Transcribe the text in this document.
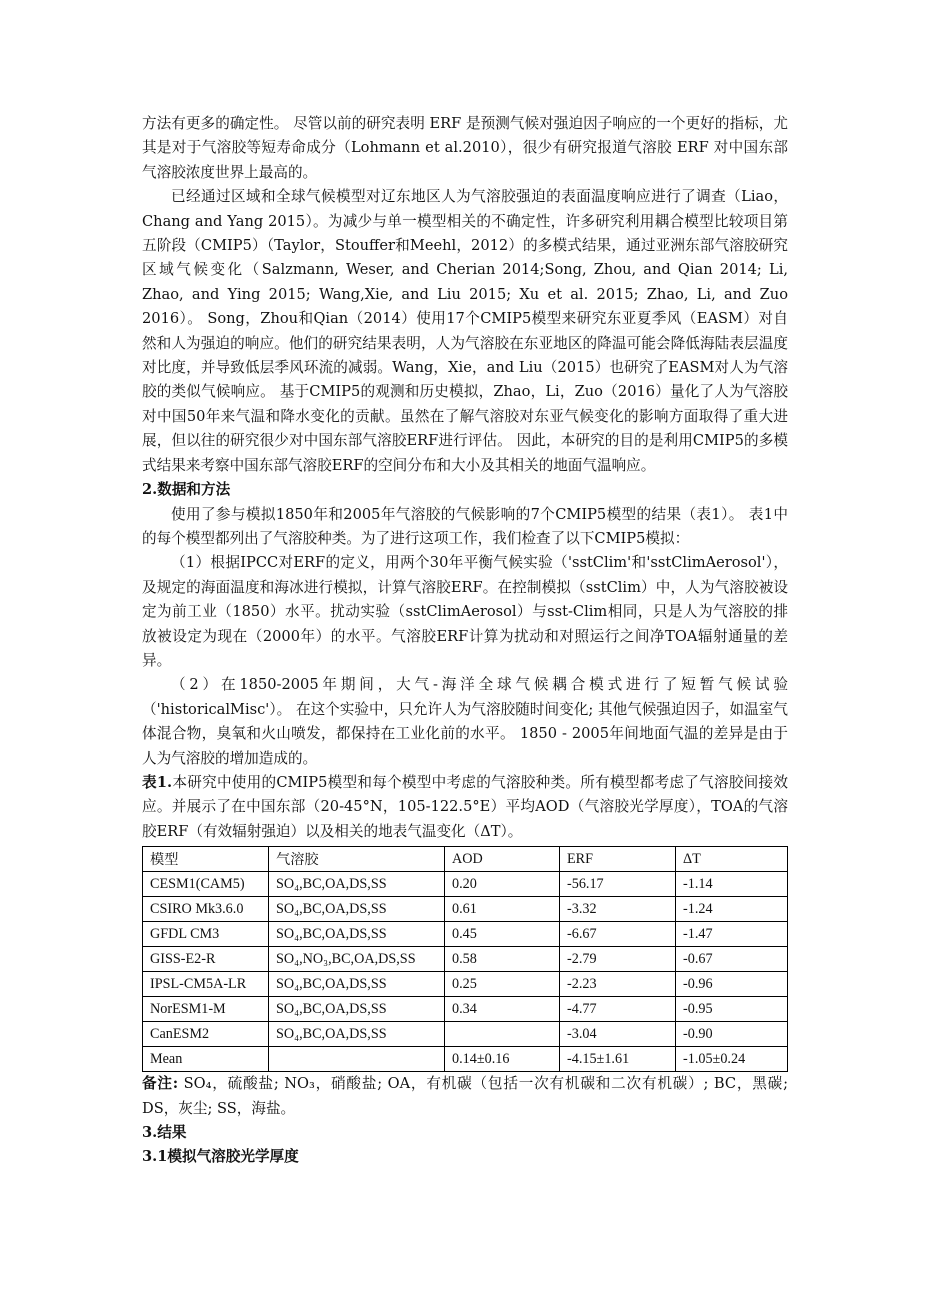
方法有更多的确定性。 尽管以前的研究表明 ERF 是预测气候对强迫因子响应的一个更好的指标，尤其是对于气溶胶等短寿命成分（Lohmann et al.2010），很少有研究报道气溶胶 ERF 对中国东部气溶胶浓度世界上最高的。

已经通过区域和全球气候模型对辽东地区人为气溶胶强迫的表面温度响应进行了调查（Liao，Chang and Yang 2015）。为减少与单一模型相关的不确定性，许多研究利用耦合模型比较项目第五阶段（CMIP5）（Taylor，Stouffer和Meehl，2012）的多模式结果，通过亚洲东部气溶胶研究区域气候变化（Salzmann, Weser, and Cherian 2014;Song, Zhou, and Qian 2014; Li, Zhao, and Ying 2015; Wang,Xie, and Liu 2015; Xu et al. 2015; Zhao, Li, and Zuo 2016）。 Song，Zhou和Qian（2014）使用17个CMIP5模型来研究东亚夏季风（EASM）对自然和人为强迫的响应。他们的研究结果表明，人为气溶胶在东亚地区的降温可能会降低海陆表层温度对比度，并导致低层季风环流的减弱。Wang，Xie，and Liu（2015）也研究了EASM对人为气溶胶的类似气候响应。 基于CMIP5的观测和历史模拟，Zhao，Li，Zuo（2016）量化了人为气溶胶对中国50年来气温和降水变化的贡献。虽然在了解气溶胶对东亚气候变化的影响方面取得了重大进展，但以往的研究很少对中国东部气溶胶ERF进行评估。 因此，本研究的目的是利用CMIP5的多模式结果来考察中国东部气溶胶ERF的空间分布和大小及其相关的地面气温响应。

2.数据和方法

使用了参与模拟1850年和2005年气溶胶的气候影响的7个CMIP5模型的结果（表1）。 表1中的每个模型都列出了气溶胶种类。为了进行这项工作，我们检查了以下CMIP5模拟：

（1）根据IPCC对ERF的定义，用两个30年平衡气候实验（'sstClim'和'sstClimAerosol'），及规定的海面温度和海冰进行模拟，计算气溶胶ERF。在控制模拟（sstClim）中，人为气溶胶被设定为前工业（1850）水平。扰动实验（sstClimAerosol）与sst-Clim相同，只是人为气溶胶的排放被设定为现在（2000年）的水平。气溶胶ERF计算为扰动和对照运行之间净TOA辐射通量的差异。

（2）在1850-2005年期间，大气-海洋全球气候耦合模式进行了短暂气候试验（'historicalMisc'）。 在这个实验中，只允许人为气溶胶随时间变化; 其他气候强迫因子，如温室气体混合物，臭氧和火山喷发，都保持在工业化前的水平。 1850 - 2005年间地面气温的差异是由于人为气溶胶的增加造成的。

表1.本研究中使用的CMIP5模型和每个模型中考虑的气溶胶种类。所有模型都考虑了气溶胶间接效应。并展示了在中国东部（20-45°N，105-122.5°E）平均AOD（气溶胶光学厚度），TOA的气溶胶ERF（有效辐射强迫）以及相关的地表气温变化（ΔT）。

模型	气溶胶	AOD	ERF	ΔT
CESM1(CAM5)	SO₄,BC,OA,DS,SS	0.20	-56.17	-1.14
CSIRO Mk3.6.0	SO₄,BC,OA,DS,SS	0.61	-3.32	-1.24
GFDL CM3	SO₄,BC,OA,DS,SS	0.45	-6.67	-1.47
GISS-E2-R	SO₄,NO₃,BC,OA,DS,SS	0.58	-2.79	-0.67
IPSL-CM5A-LR	SO₄,BC,OA,DS,SS	0.25	-2.23	-0.96
NorESM1-M	SO₄,BC,OA,DS,SS	0.34	-4.77	-0.95
CanESM2	SO₄,BC,OA,DS,SS		-3.04	-0.90
Mean		0.14±0.16	-4.15±1.61	-1.05±0.24

备注: SO₄，硫酸盐; NO₃，硝酸盐; OA，有机碳（包括一次有机碳和二次有机碳）; BC，黑碳; DS，灰尘; SS，海盐。

3.结果

3.1模拟气溶胶光学厚度
